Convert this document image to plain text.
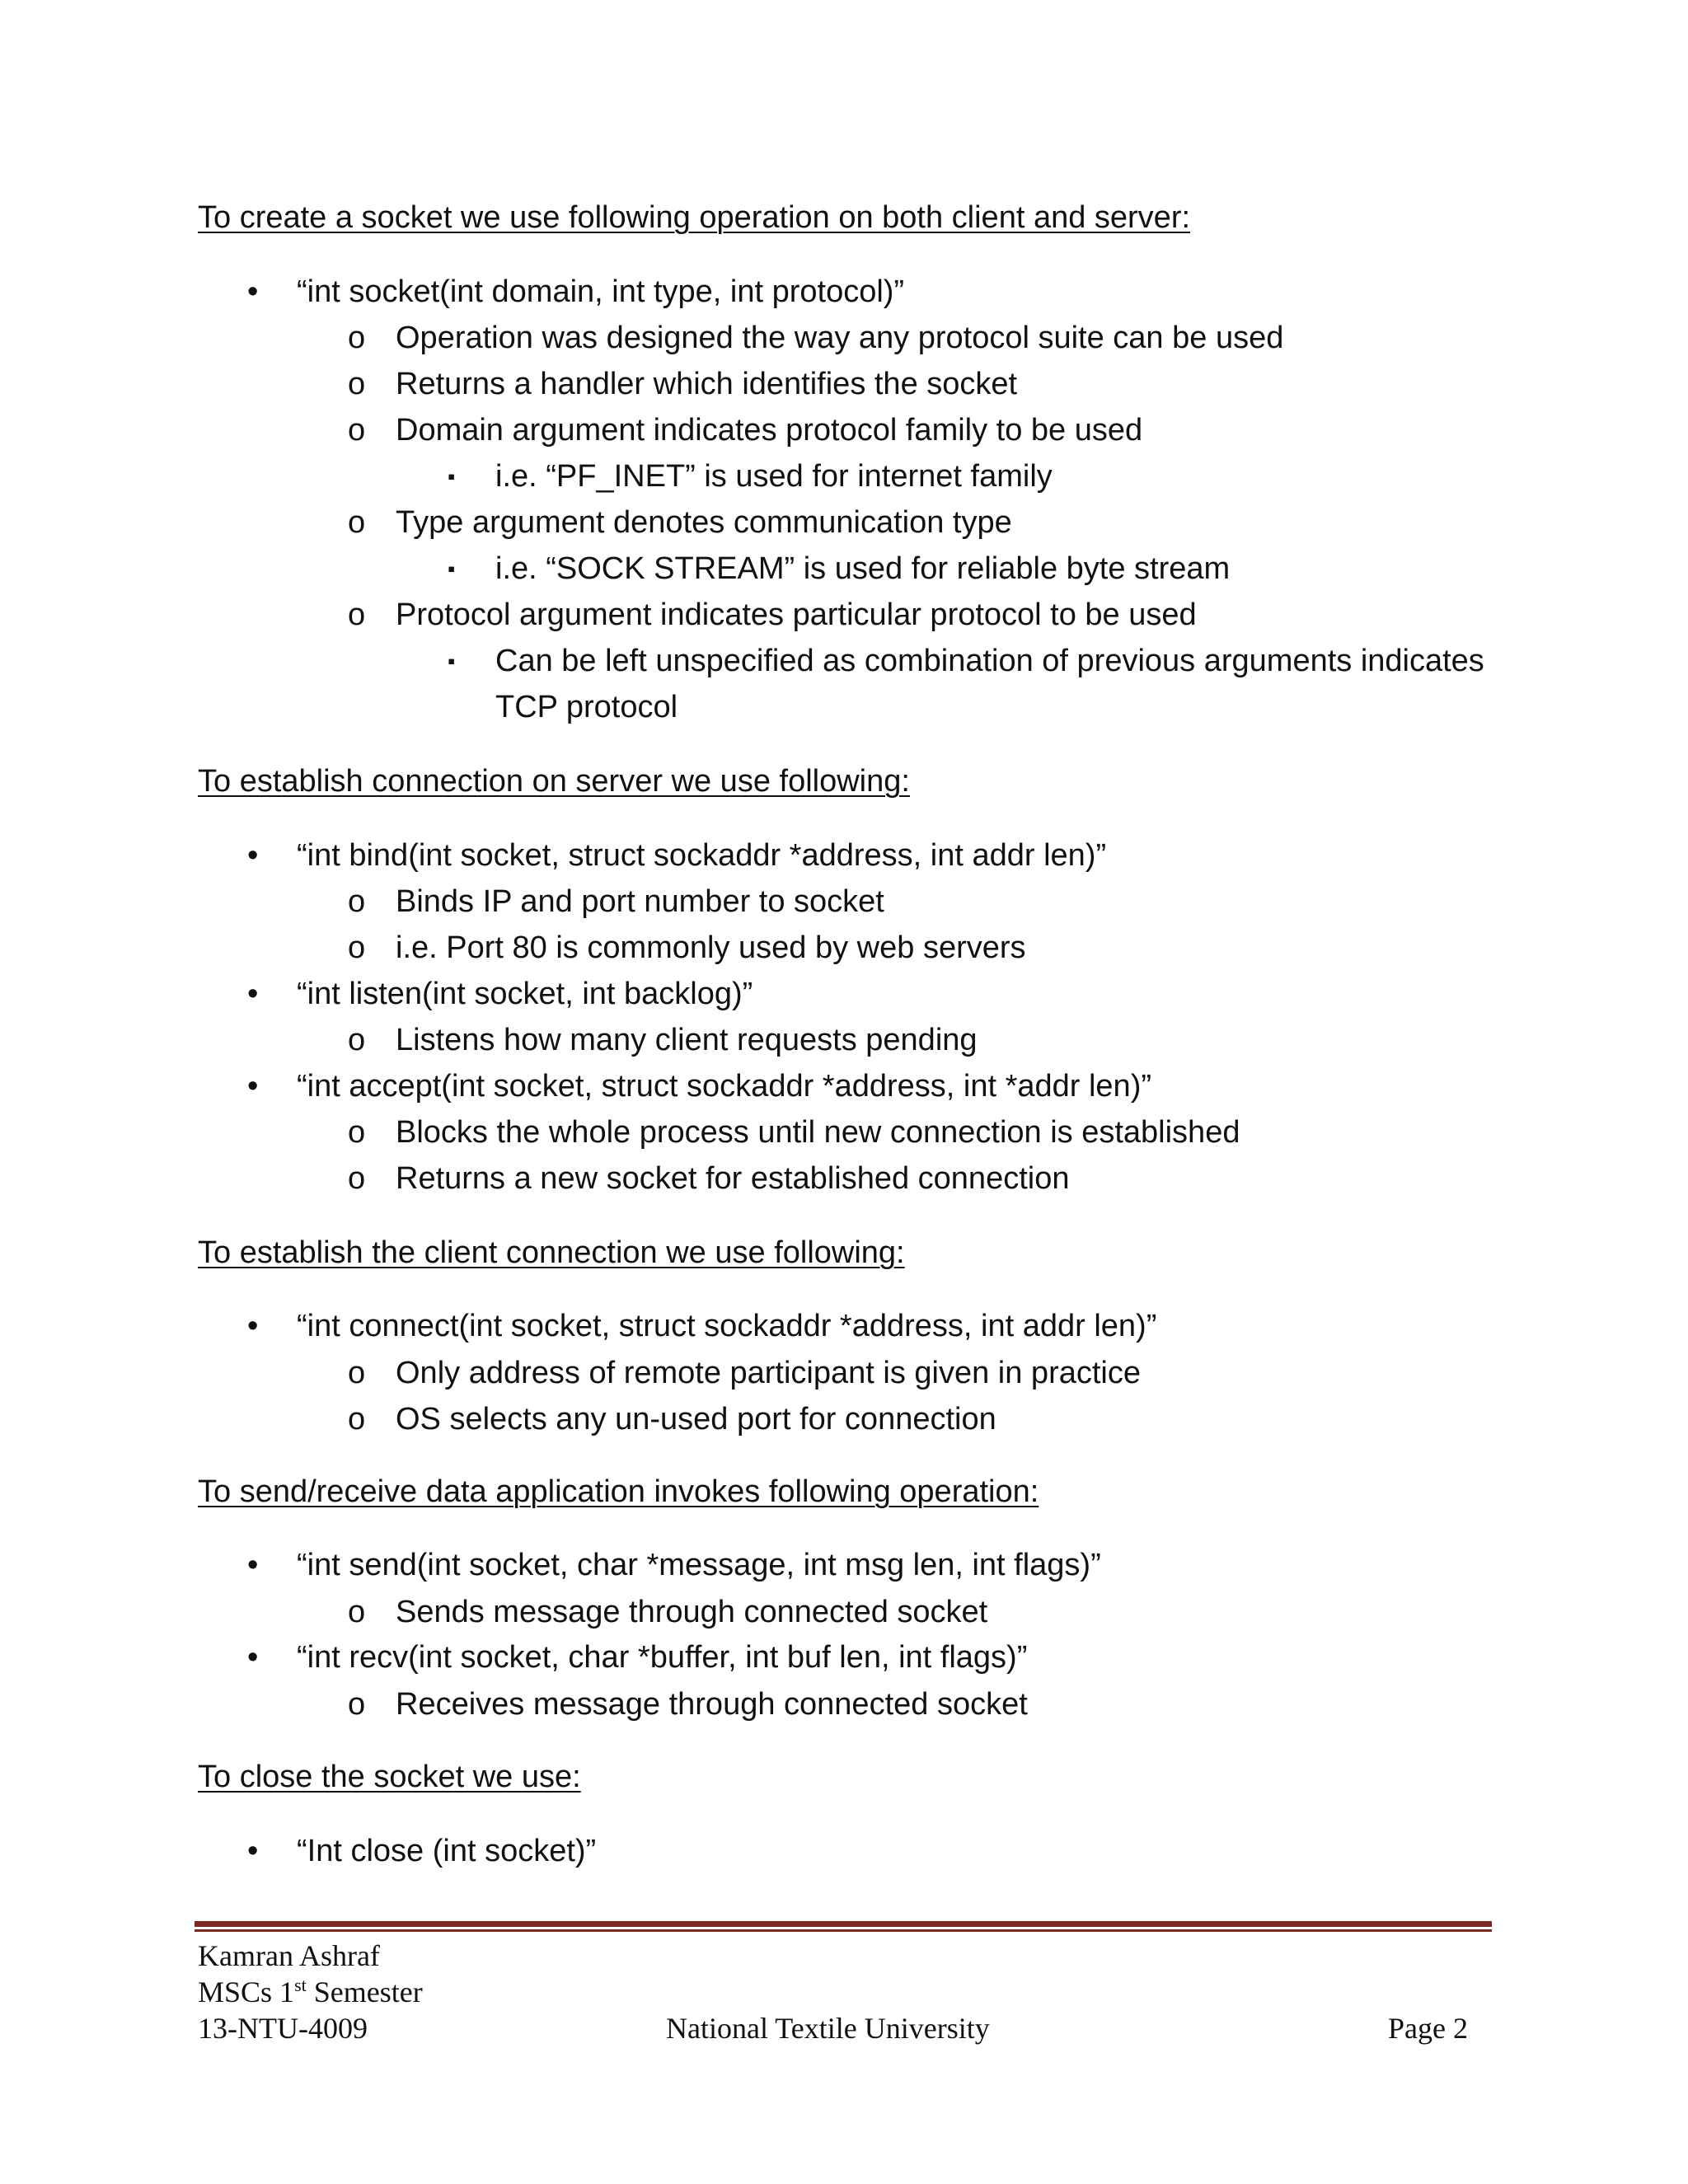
To create a socket we use following operation on both client and server:
• “int socket(int domain, int type, int protocol)”
o Operation was designed the way any protocol suite can be used
o Returns a handler which identifies the socket
o Domain argument indicates protocol family to be used
▪ i.e. “PF_INET” is used for internet family
o Type argument denotes communication type
▪ i.e. “SOCK STREAM” is used for reliable byte stream
o Protocol argument indicates particular protocol to be used
▪ Can be left unspecified as combination of previous arguments indicates
TCP protocol
To establish connection on server we use following:
• “int bind(int socket, struct sockaddr *address, int addr len)”
o Binds IP and port number to socket
o i.e. Port 80 is commonly used by web servers
• “int listen(int socket, int backlog)”
o Listens how many client requests pending
• “int accept(int socket, struct sockaddr *address, int *addr len)”
o Blocks the whole process until new connection is established
o Returns a new socket for established connection
To establish the client connection we use following:
• “int connect(int socket, struct sockaddr *address, int addr len)”
o Only address of remote participant is given in practice
o OS selects any un-used port for connection
To send/receive data application invokes following operation:
• “int send(int socket, char *message, int msg len, int flags)”
o Sends message through connected socket
• “int recv(int socket, char *buffer, int buf len, int flags)”
o Receives message through connected socket
To close the socket we use:
• “Int close (int socket)”
Kamran Ashraf
MSCs 1st Semester
13-NTU-4009	National Textile University	Page 2
